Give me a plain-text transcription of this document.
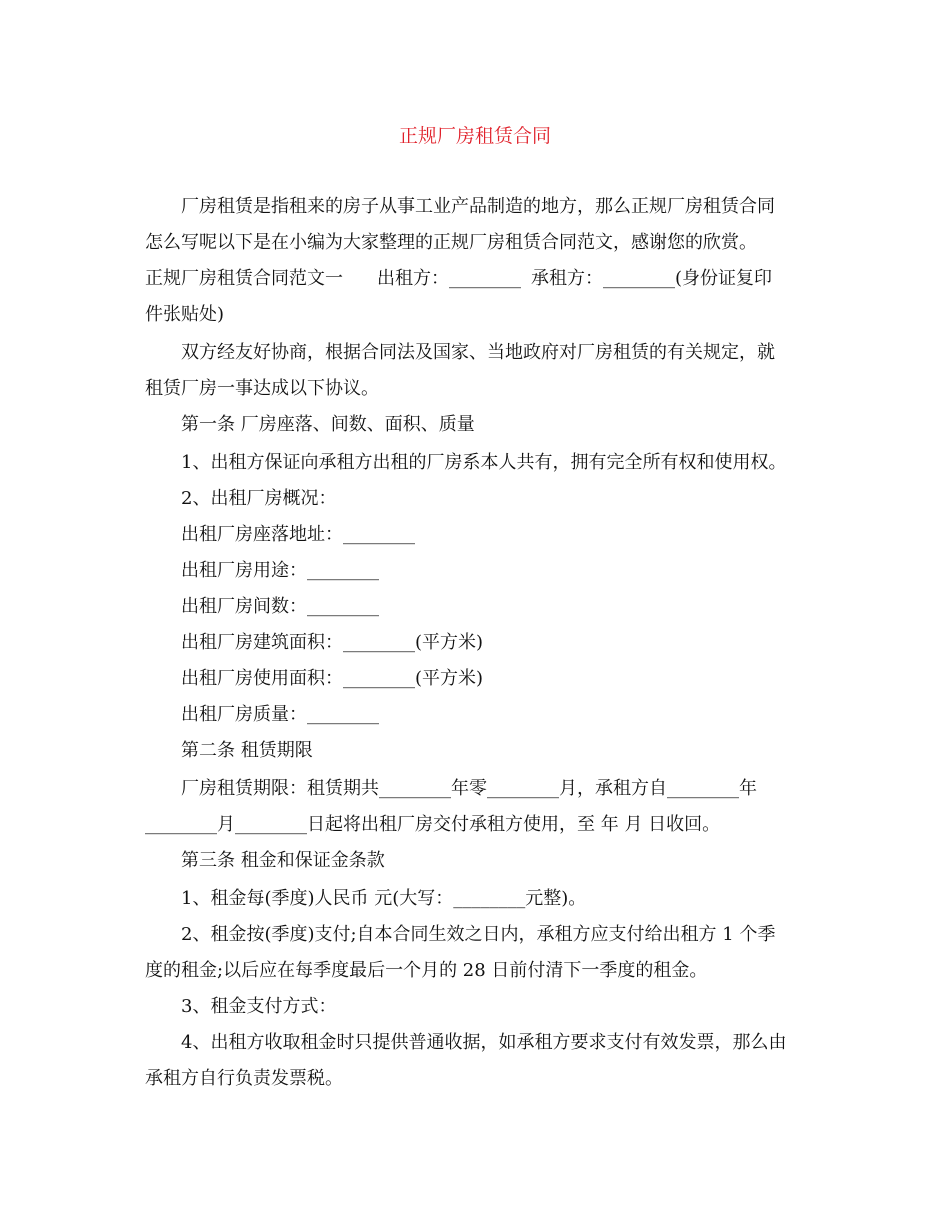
正规厂房租赁合同
厂房租赁是指租来的房子从事工业产品制造的地方，那么正规厂房租赁合同
怎么写呢以下是在小编为大家整理的正规厂房租赁合同范文，感谢您的欣赏。
正规厂房租赁合同范文一 出租方：________ 承租方：________(身份证复印
件张贴处)
双方经友好协商，根据合同法及国家、当地政府对厂房租赁的有关规定，就
租赁厂房一事达成以下协议。
第一条 厂房座落、间数、面积、质量
1、出租方保证向承租方出租的厂房系本人共有，拥有完全所有权和使用权。
2、出租厂房概况：
出租厂房座落地址：________
出租厂房用途：________
出租厂房间数：________
出租厂房建筑面积：________(平方米)
出租厂房使用面积：________(平方米)
出租厂房质量：________
第二条 租赁期限
厂房租赁期限：租赁期共________年零________月，承租方自________年
________月________日起将出租厂房交付承租方使用，至 年 月 日收回。
第三条 租金和保证金条款
1、租金每(季度)人民币 元(大写：________元整)。
2、租金按(季度)支付;自本合同生效之日内，承租方应支付给出租方 1 个季
度的租金;以后应在每季度最后一个月的 28 日前付清下一季度的租金。
3、租金支付方式：
4、出租方收取租金时只提供普通收据，如承租方要求支付有效发票，那么由
承租方自行负责发票税。
